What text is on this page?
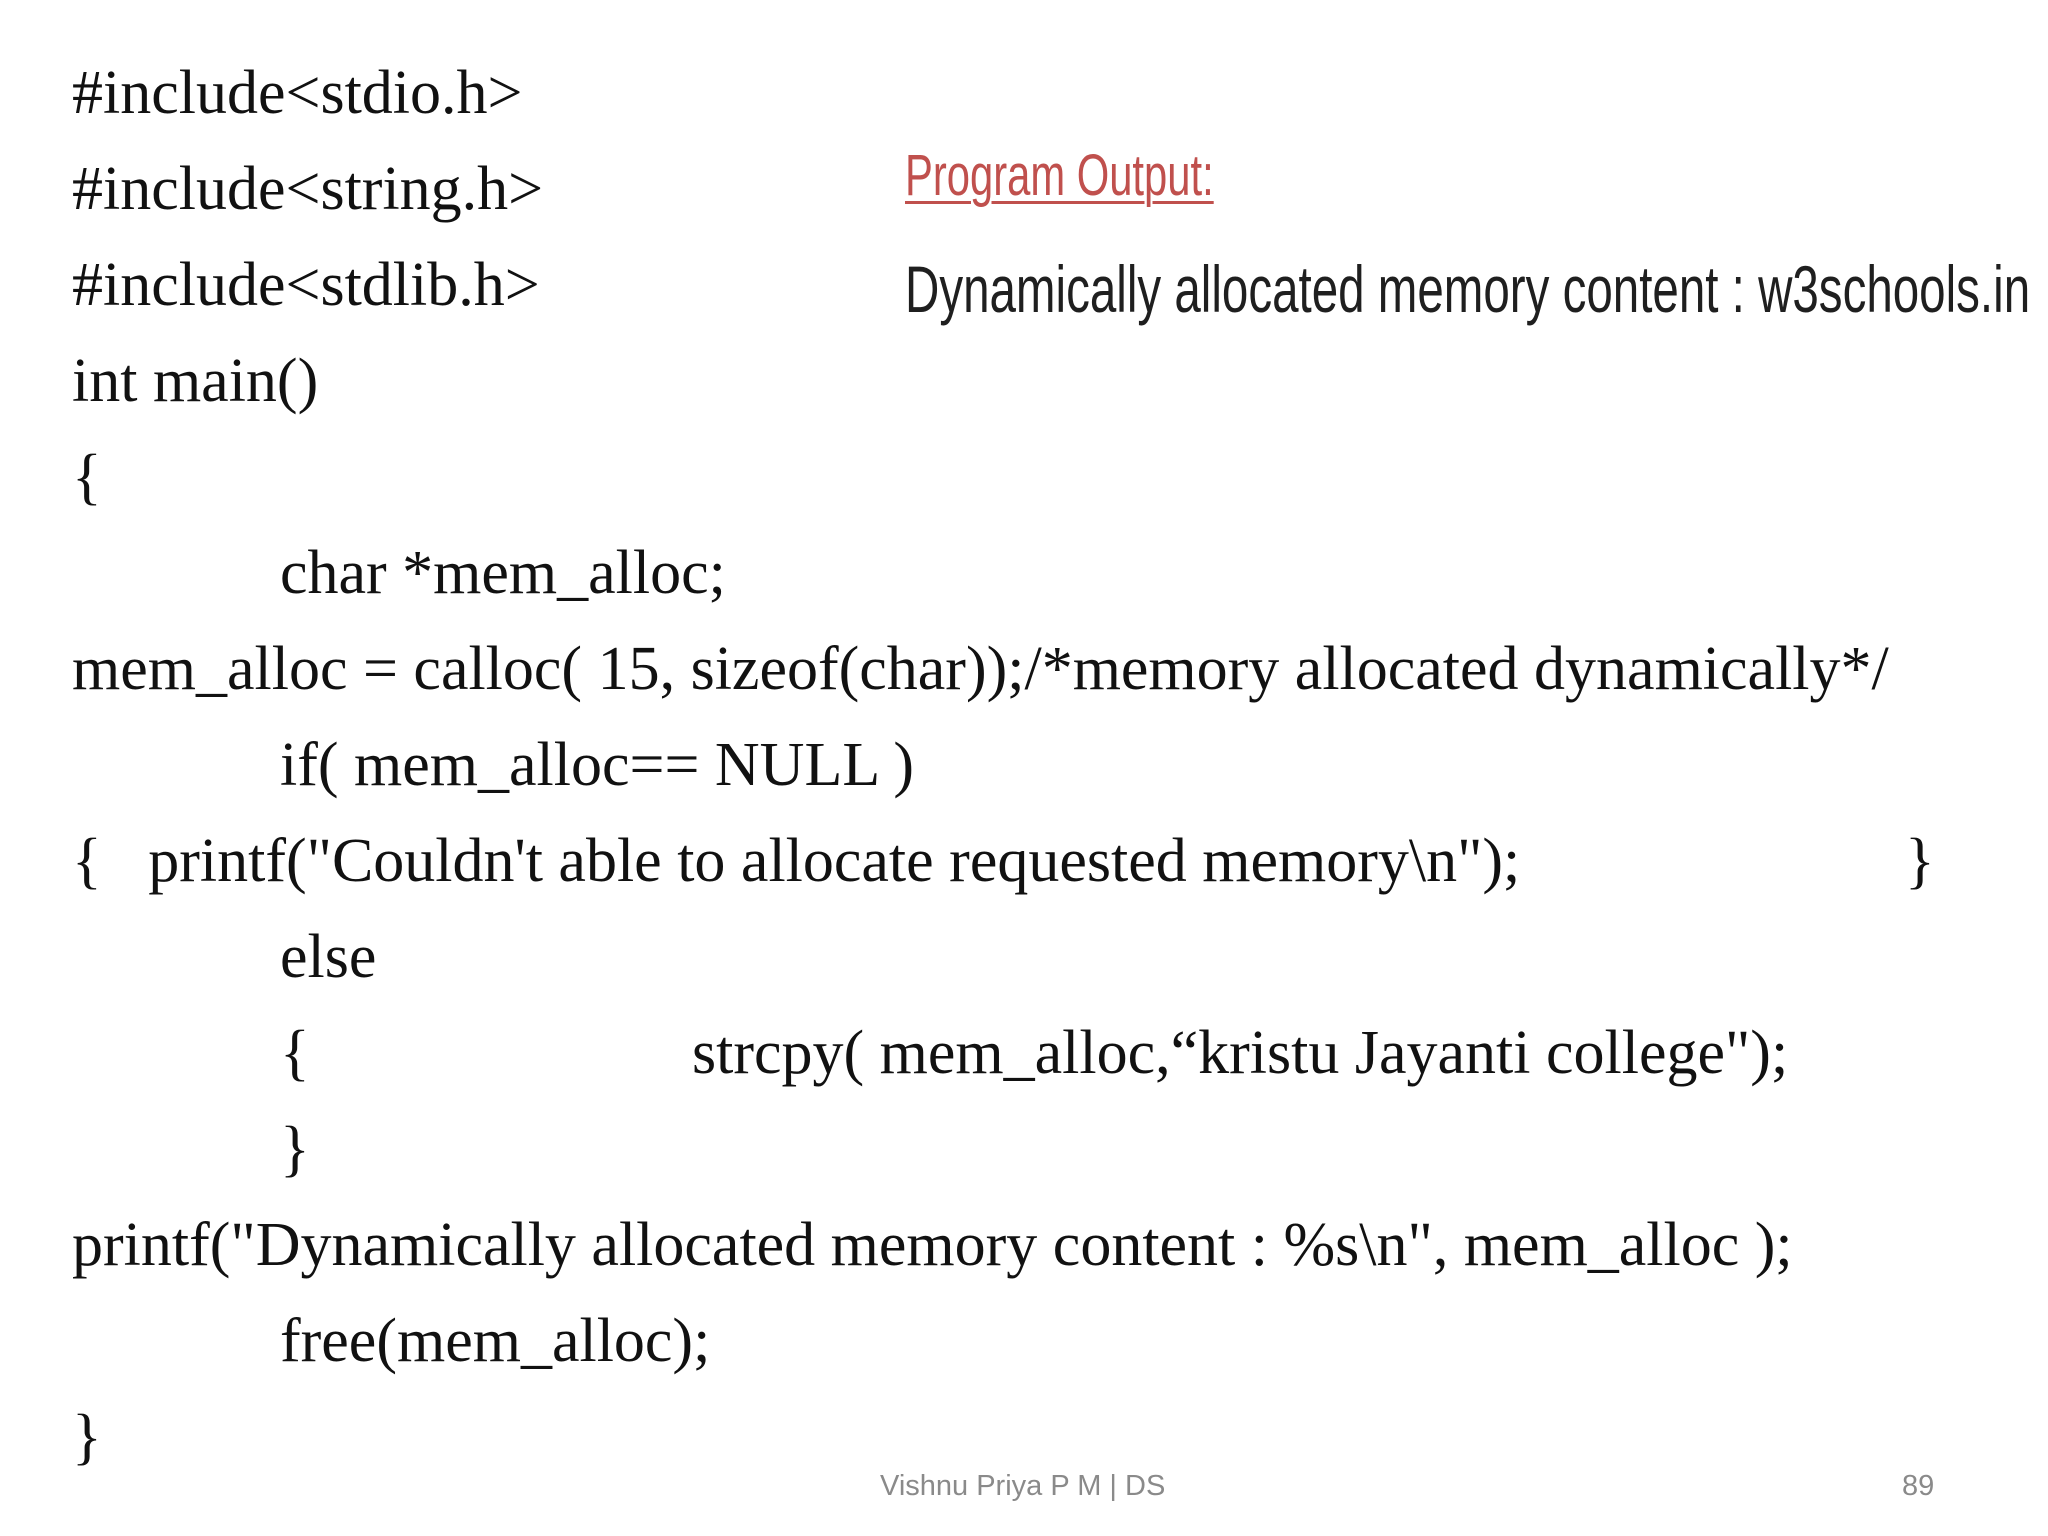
#include<stdio.h>
#include<string.h>
#include<stdlib.h>
int main()
{
char *mem_alloc;
mem_alloc = calloc( 15, sizeof(char));/*memory allocated dynamically*/
if( mem_alloc== NULL )
{   printf("Couldn't able to allocate requested memory\n");	}
else
{	strcpy( mem_alloc,“kristu Jayanti college");
}
printf("Dynamically allocated memory content : %s\n", mem_alloc );
free(mem_alloc);
}
Program Output:
Dynamically allocated memory content : w3schools.in
Vishnu Priya P M | DS	89
